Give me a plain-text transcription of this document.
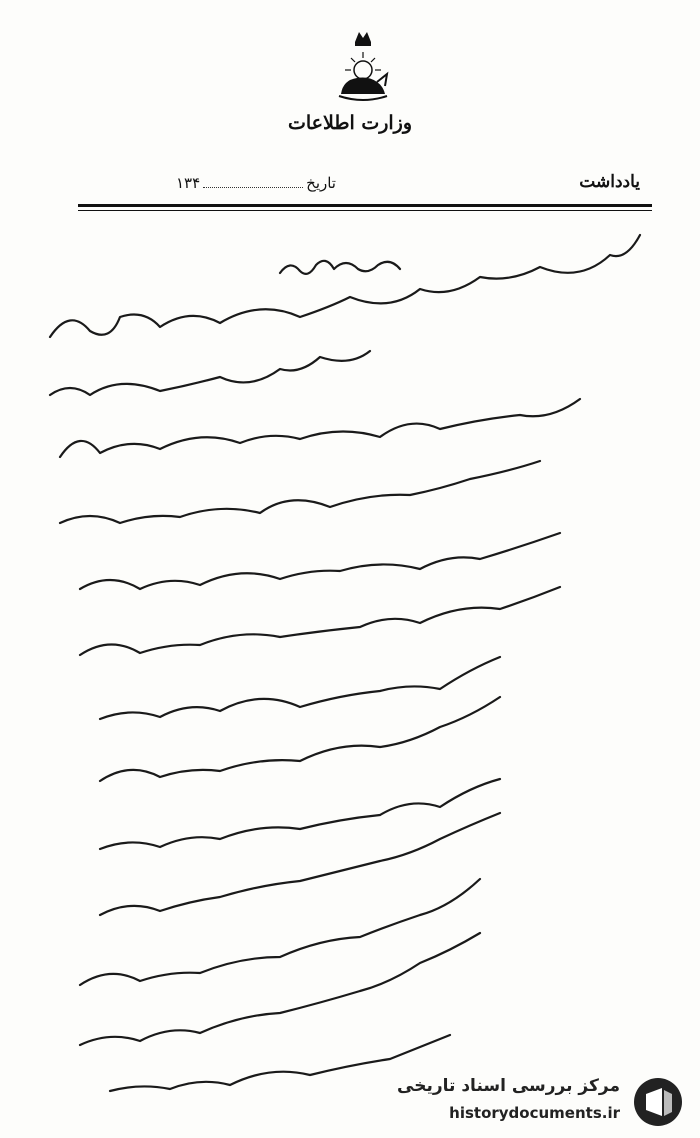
وزارت اطلاعات
یادداشت
تاریخ۱۳۴
مرکز بررسی اسناد تاریخی
historydocuments.ir
